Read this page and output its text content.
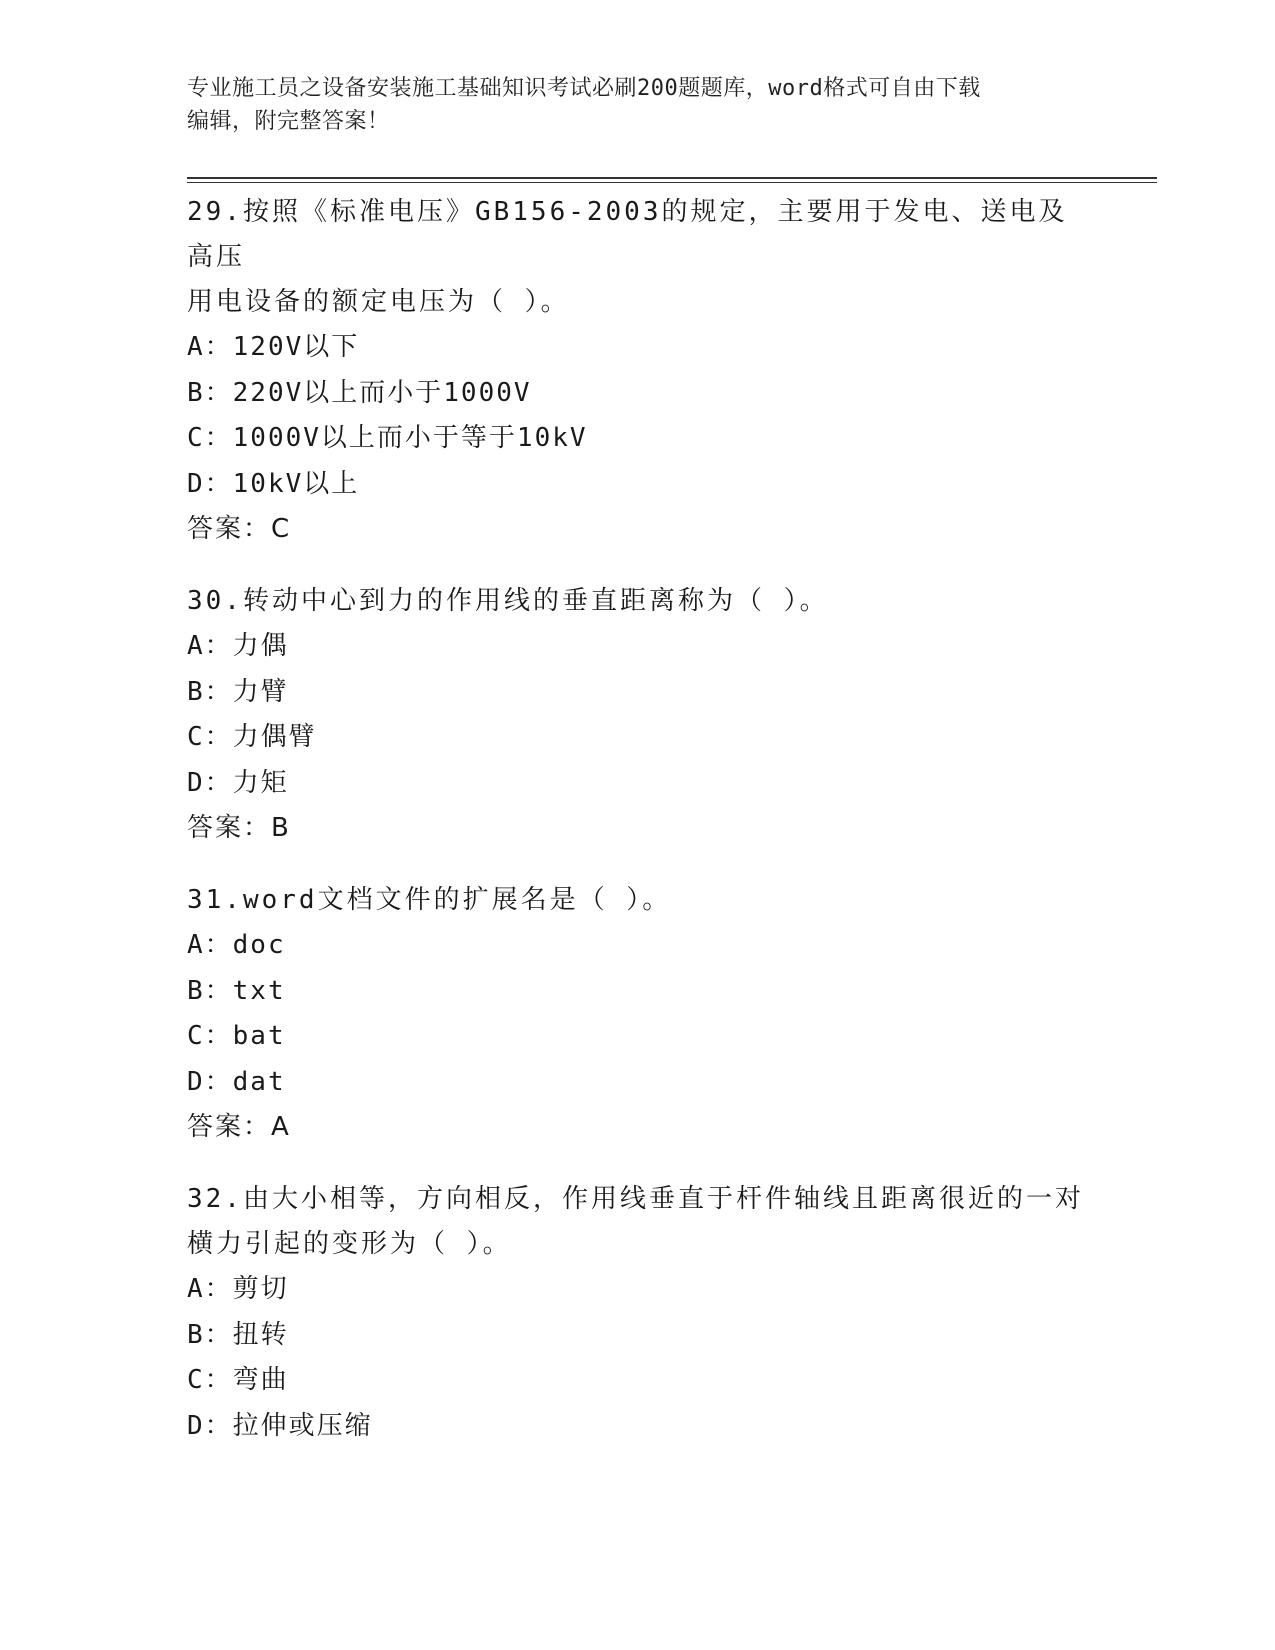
专业施工员之设备安装施工基础知识考试必刷200题题库，word格式可自由下载
编辑，附完整答案！

29.按照《标准电压》GB156-2003的规定，主要用于发电、送电及高压

用电设备的额定电压为（ ）。

A：120V以下

B：220V以上而小于1000V

C：1000V以上而小于等于10kV

D：10kV以上

答案：C

30.转动中心到力的作用线的垂直距离称为（ ）。

A：力偶

B：力臂

C：力偶臂

D：力矩

答案：B

31.word文档文件的扩展名是（ ）。

A：doc

B：txt

C：bat

D：dat

答案：A

32.由大小相等，方向相反，作用线垂直于杆件轴线且距离很近的一对

横力引起的变形为（ ）。

A：剪切

B：扭转

C：弯曲

D：拉伸或压缩
